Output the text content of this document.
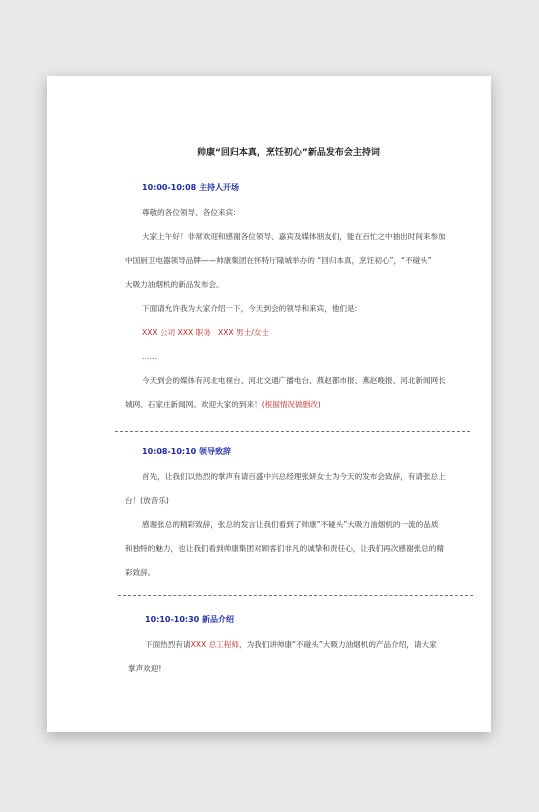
帅康“回归本真，烹饪初心”新品发布会主持词
10:00-10:08 主持人开场
尊敬的各位领导、各位来宾:
大家上午好！非常欢迎和感谢各位领导、嘉宾及媒体朋友们，能在百忙之中抽出时间来参加
中国厨卫电器领导品牌——帅康集团在怀特厅隆城举办的 “回归本真，烹饪初心”，“不碰头”
大吸力油烟机的新品发布会。
下面请允许我为大家介绍一下，今天到会的领导和来宾，他们是:
XXX 公司 XXX 职务 XXX 男士/女士
……
今天到会的媒体有河北电视台、河北交通广播电台、燕赵都市报、燕赵晚报、河北新闻网长
城网、石家庄新闻网。欢迎大家的到来！(根据情况做删改)
10:08-10:10 领导致辞
首先，让我们以热烈的掌声有请百盛中兴总经理张妍女士为今天的发布会致辞，有请张总上
台！(放音乐)
感谢张总的精彩致辞，张总的发言让我们看到了帅康“不碰头”大吸力油烟机的一流的品质
和独特的魅力，也让我们看到帅康集团对顾客们非凡的诚挚和责任心，让我们再次感谢张总的精
彩致辞。
10:10-10:30 新品介绍
下面热烈有请XXX 总工程师，为我们讲帅康“不碰头”大吸力油烟机的产品介绍，请大家
掌声欢迎!
